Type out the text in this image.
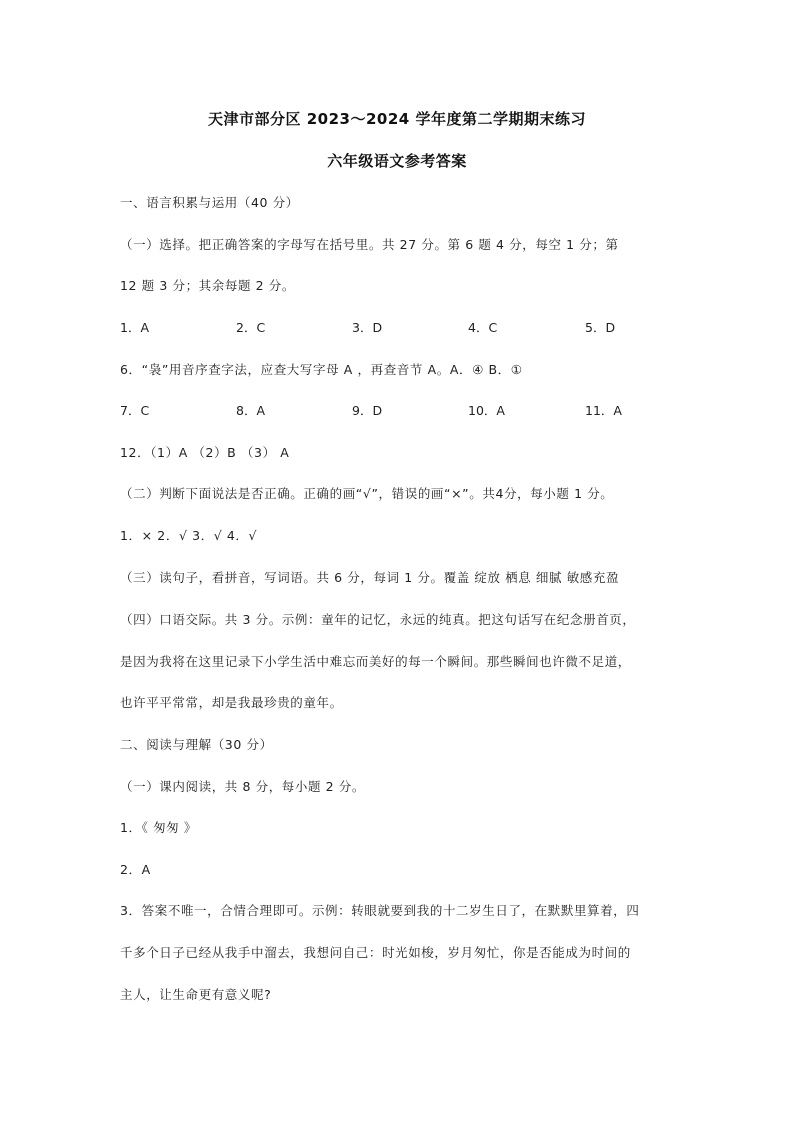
天津市部分区 2023～2024 学年度第二学期期末练习
六年级语文参考答案
一、语言积累与运用（40 分）
（一）选择。把正确答案的字母写在括号里。共 27 分。第 6 题 4 分，每空 1 分；第
12 题 3 分；其余每题 2 分。
1．A	2．C	3．D	4．C	5．D
6．“袅”用音序查字法，应查大写字母 A ，再查音节 A。A．④ B．①
7．C	8．A	9．D	10．A	11．A
12．（1）A （2）B （3） A
（二）判断下面说法是否正确。正确的画“√”，错误的画“×”。共4分，每小题 1 分。
1．× 2．√ 3．√ 4．√
（三）读句子，看拼音，写词语。共 6 分，每词 1 分。覆盖 绽放 栖息 细腻 敏感充盈
（四）口语交际。共 3 分。示例：童年的记忆，永远的纯真。把这句话写在纪念册首页，
是因为我将在这里记录下小学生活中难忘而美好的每一个瞬间。那些瞬间也许微不足道，
也许平平常常，却是我最珍贵的童年。
二、阅读与理解（30 分）
（一）课内阅读，共 8 分，每小题 2 分。
1．《 匆匆 》
2．A
3．答案不唯一，合情合理即可。示例：转眼就要到我的十二岁生日了，在默默里算着，四
千多个日子已经从我手中溜去，我想问自己：时光如梭，岁月匆忙，你是否能成为时间的
主人，让生命更有意义呢?
